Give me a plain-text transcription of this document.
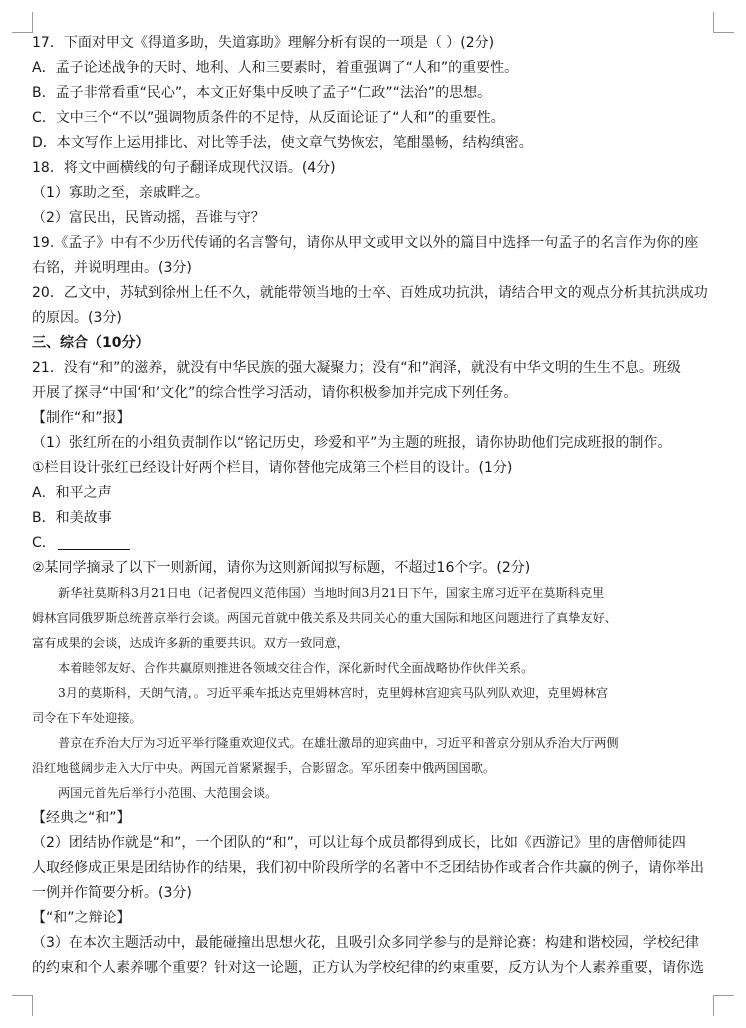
17．下面对甲文《得道多助，失道寡助》理解分析有误的一项是（ ）(2分)
A．孟子论述战争的天时、地利、人和三要素时，着重强调了“人和”的重要性。
B．孟子非常看重“民心”，本文正好集中反映了孟子“仁政”“法治”的思想。
C．文中三个“不以”强调物质条件的不足恃，从反面论证了“人和”的重要性。
D．本文写作上运用排比、对比等手法，使文章气势恢宏，笔酣墨畅，结构缜密。
18．将文中画横线的句子翻译成现代汉语。(4分)
（1）寡助之至，亲戚畔之。
（2）富民出，民皆动摇，吾谁与守？
19.《孟子》中有不少历代传诵的名言警句，请你从甲文或甲文以外的篇目中选择一句孟子的名言作为你的座
右铭，并说明理由。(3分)
20．乙文中，苏轼到徐州上任不久，就能带领当地的士卒、百姓成功抗洪，请结合甲文的观点分析其抗洪成功
的原因。(3分)
三、综合（10分）
21．没有“和”的滋养，就没有中华民族的强大凝聚力；没有“和”润泽，就没有中华文明的生生不息。班级
开展了探寻“中国‘和’文化”的综合性学习活动，请你积极参加并完成下列任务。
【制作“和”报】
（1）张红所在的小组负责制作以“铭记历史，珍爱和平”为主题的班报，请你协助他们完成班报的制作。
①栏目设计张红已经设计好两个栏目，请你替他完成第三个栏目的设计。(1分)
A．和平之声
B．和美故事
C．
②某同学摘录了以下一则新闻，请你为这则新闻拟写标题，不超过16个字。(2分)
新华社莫斯科3月21日电（记者倪四义范伟国）当地时间3月21日下午，国家主席习近平在莫斯科克里
姆林宫同俄罗斯总统普京举行会谈。两国元首就中俄关系及共同关心的重大国际和地区问题进行了真挚友好、
富有成果的会谈，达成许多新的重要共识。双方一致同意，
本着睦邻友好、合作共赢原则推进各领域交往合作，深化新时代全面战略协作伙伴关系。
3月的莫斯科，天朗气清，。习近平乘车抵达克里姆林宫时，克里姆林宫迎宾马队列队欢迎，克里姆林宫
司令在下车处迎接。
普京在乔治大厅为习近平举行隆重欢迎仪式。在雄壮激昂的迎宾曲中，习近平和普京分别从乔治大厅两侧
沿红地毯阔步走入大厅中央。两国元首紧紧握手，合影留念。军乐团奏中俄两国国歌。
两国元首先后举行小范围、大范围会谈。
【经典之“和”】
（2）团结协作就是“和”，一个团队的“和”，可以让每个成员都得到成长，比如《西游记》里的唐僧师徒四
人取经修成正果是团结协作的结果，我们初中阶段所学的名著中不乏团结协作或者合作共赢的例子，请你举出
一例并作简要分析。(3分)
【“和”之辩论】
（3）在本次主题活动中，最能碰撞出思想火花，且吸引众多同学参与的是辩论赛：构建和谐校园，学校纪律
的约束和个人素养哪个重要？针对这一论题，正方认为学校纪律的约束重要，反方认为个人素养重要，请你选
